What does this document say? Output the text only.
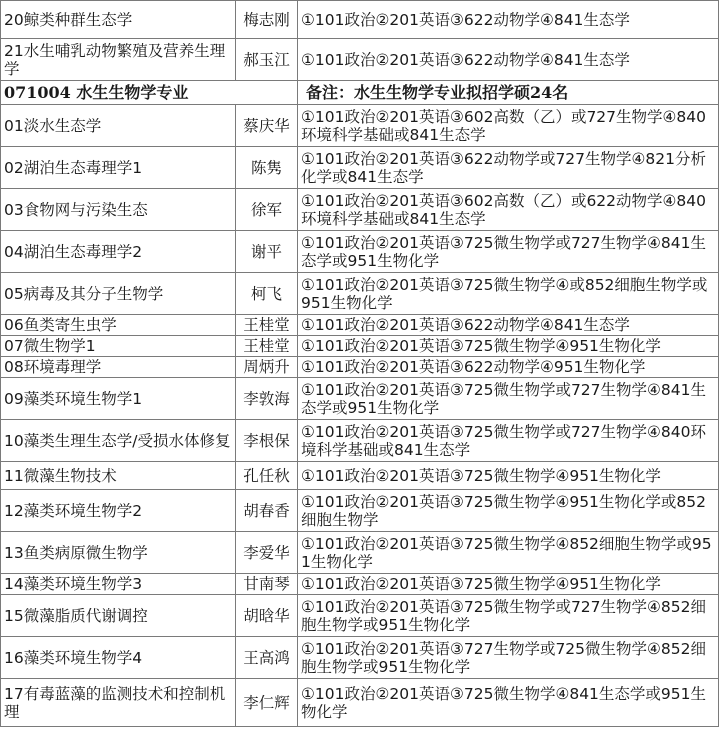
20鲸类种群生态学	梅志刚	①101政治②201英语③622动物学④841生态学
21水生哺乳动物繁殖及营养生理学	郝玉江	①101政治②201英语③622动物学④841生态学
071004 水生生物学专业		备注：水生生物学专业拟招学硕24名
01淡水生态学	蔡庆华	①101政治②201英语③602高数（乙）或727生物学④840环境科学基础或841生态学
02湖泊生态毒理学1	陈隽	①101政治②201英语③622动物学或727生物学④821分析化学或841生态学
03食物网与污染生态	徐军	①101政治②201英语③602高数（乙）或622动物学④840环境科学基础或841生态学
04湖泊生态毒理学2	谢平	①101政治②201英语③725微生物学或727生物学④841生态学或951生物化学
05病毒及其分子生物学	柯飞	①101政治②201英语③725微生物学④或852细胞生物学或951生物化学
06鱼类寄生虫学	王桂堂	①101政治②201英语③622动物学④841生态学
07微生物学1	王桂堂	①101政治②201英语③725微生物学④951生物化学
08环境毒理学	周炳升	①101政治②201英语③622动物学④951生物化学
09藻类环境生物学1	李敦海	①101政治②201英语③725微生物学或727生物学④841生态学或951生物化学
10藻类生理生态学/受损水体修复	李根保	①101政治②201英语③725微生物学或727生物学④840环境科学基础或841生态学
11微藻生物技术	孔任秋	①101政治②201英语③725微生物学④951生物化学
12藻类环境生物学2	胡春香	①101政治②201英语③725微生物学④951生物化学或852细胞生物学
13鱼类病原微生物学	李爱华	①101政治②201英语③725微生物学④852细胞生物学或951生物化学
14藻类环境生物学3	甘南琴	①101政治②201英语③725微生物学④951生物化学
15微藻脂质代谢调控	胡晗华	①101政治②201英语③725微生物学或727生物学④852细胞生物学或951生物化学
16藻类环境生物学4	王高鸿	①101政治②201英语③727生物学或725微生物学④852细胞生物学或951生物化学
17有毒蓝藻的监测技术和控制机理	李仁辉	①101政治②201英语③725微生物学④841生态学或951生物化学
